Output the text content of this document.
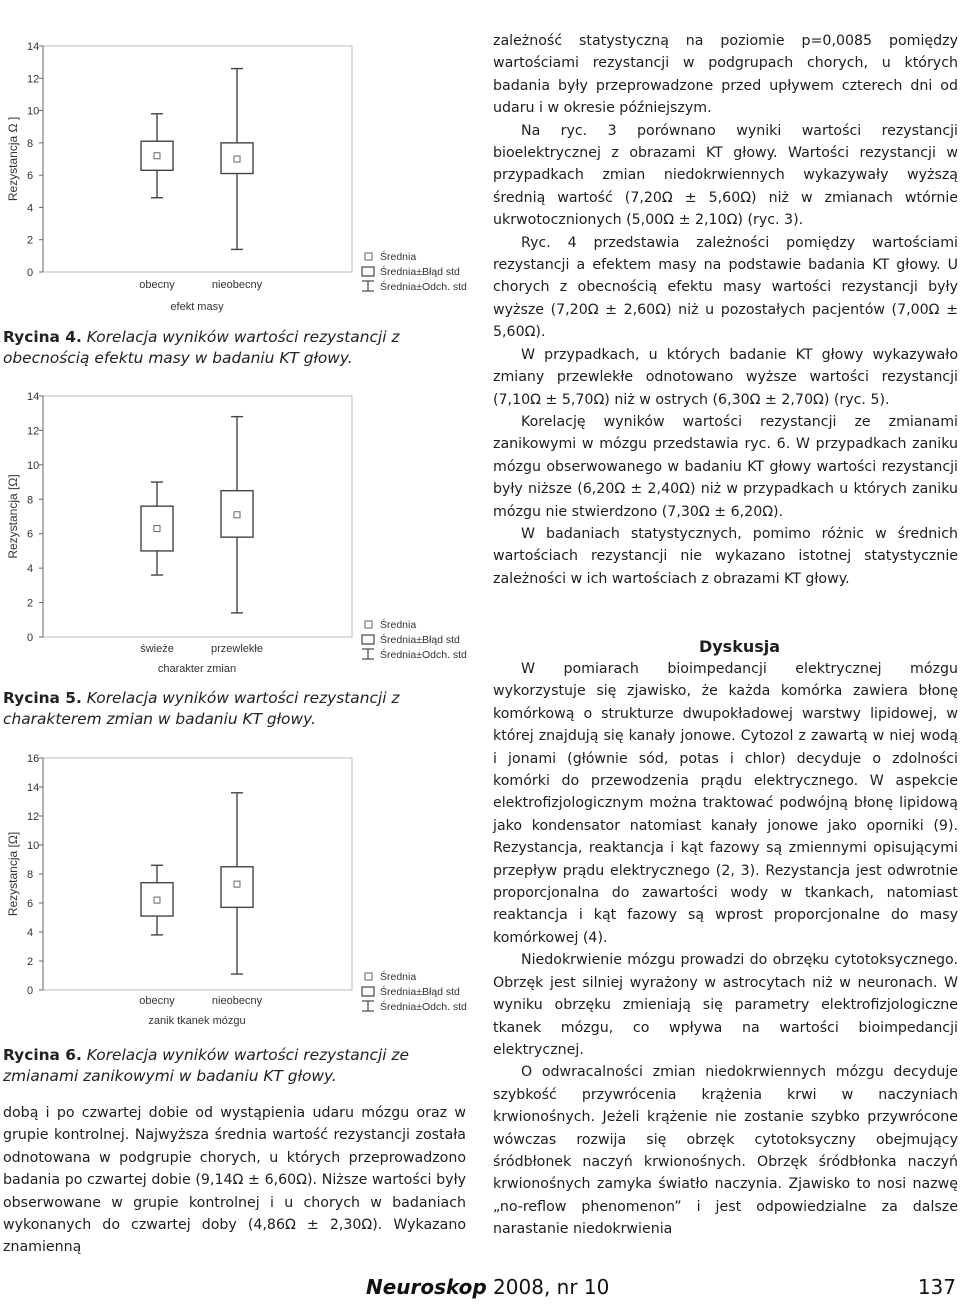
0
2
4
6
8
10
12
14
Rezystancja Ω ]
obecny	nieobecny
efekt masy
Średnia
Średnia±Błąd std
Średnia±Odch. std
Rycina 4. Korelacja wyników wartości rezystancji z obecnością efektu masy w badaniu KT głowy.
0
2
4
6
8
10
12
14
Rezystancja [Ω]
świeże	przewlekłe
charakter zmian
Średnia
Średnia±Błąd std
Średnia±Odch. std
Rycina 5. Korelacja wyników wartości rezystancji z charakterem zmian w badaniu KT głowy.
0
2
4
6
8
10
12
14
16
Rezystancja [Ω]
obecny	nieobecny
zanik tkanek mózgu
Średnia
Średnia±Błąd std
Średnia±Odch. std
Rycina 6. Korelacja wyników wartości rezystancji ze zmianami zanikowymi w badaniu KT głowy.

dobą i po czwartej dobie od wystąpienia udaru mózgu oraz w grupie kontrolnej. Najwyższa średnia wartość rezystancji została odnotowana w podgrupie chorych, u których przeprowadzono badania po czwartej dobie (9,14Ω ± 6,60Ω). Niższe wartości były obserwowane w grupie kontrolnej i u chorych w badaniach wykonanych do czwartej doby (4,86Ω ± 2,30Ω). Wykazano znamienną

zależność statystyczną na poziomie p=0,0085 pomiędzy wartościami rezystancji w podgrupach chorych, u których badania były przeprowadzone przed upływem czterech dni od udaru i w okresie późniejszym.

Na ryc. 3 porównano wyniki wartości rezystancji bioelektrycznej z obrazami KT głowy. Wartości rezystancji w przypadkach zmian niedokrwiennych wykazywały wyższą średnią wartość (7,20Ω ± 5,60Ω) niż w zmianach wtórnie ukrwotocznionych (5,00Ω ± 2,10Ω) (ryc. 3).

Ryc. 4 przedstawia zależności pomiędzy wartościami rezystancji a efektem masy na podstawie badania KT głowy. U chorych z obecnością efektu masy wartości rezystancji były wyższe (7,20Ω ± 2,60Ω) niż u pozostałych pacjentów (7,00Ω ± 5,60Ω).

W przypadkach, u których badanie KT głowy wykazywało zmiany przewlekłe odnotowano wyższe wartości rezystancji (7,10Ω ± 5,70Ω) niż w ostrych (6,30Ω ± 2,70Ω) (ryc. 5).

Korelację wyników wartości rezystancji ze zmianami zanikowymi w mózgu przedstawia ryc. 6. W przypadkach zaniku mózgu obserwowanego w badaniu KT głowy wartości rezystancji były niższe (6,20Ω ± 2,40Ω) niż w przypadkach u których zaniku mózgu nie stwierdzono (7,30Ω ± 6,20Ω).

W badaniach statystycznych, pomimo różnic w średnich wartościach rezystancji nie wykazano istotnej statystycznie zależności w ich wartościach z obrazami KT głowy.

Dyskusja

W pomiarach bioimpedancji elektrycznej mózgu wykorzystuje się zjawisko, że każda komórka zawiera błonę komórkową o strukturze dwupokładowej warstwy lipidowej, w której znajdują się kanały jonowe. Cytozol z zawartą w niej wodą i jonami (głównie sód, potas i chlor) decyduje o zdolności komórki do przewodzenia prądu elektrycznego. W aspekcie elektrofizjologicznym można traktować podwójną błonę lipidową jako kondensator natomiast kanały jonowe jako oporniki (9). Rezystancja, reaktancja i kąt fazowy są zmiennymi opisującymi przepływ prądu elektrycznego (2, 3). Rezystancja jest odwrotnie proporcjonalna do zawartości wody w tkankach, natomiast reaktancja i kąt fazowy są wprost proporcjonalne do masy komórkowej (4).

Niedokrwienie mózgu prowadzi do obrzęku cytotoksycznego. Obrzęk jest silniej wyrażony w astrocytach niż w neuronach. W wyniku obrzęku zmieniają się parametry elektrofizjologiczne tkanek mózgu, co wpływa na wartości bioimpedancji elektrycznej.

O odwracalności zmian niedokrwiennych mózgu decyduje szybkość przywrócenia krążenia krwi w naczyniach krwionośnych. Jeżeli krążenie nie zostanie szybko przywrócone wówczas rozwija się obrzęk cytotoksyczny obejmujący śródbłonek naczyń krwionośnych. Obrzęk śródbłonka naczyń krwionośnych zamyka światło naczynia. Zjawisko to nosi nazwę „no-reflow phenomenon” i jest odpowiedzialne za dalsze narastanie niedokrwienia

Neuroskop 2008, nr 10	137
